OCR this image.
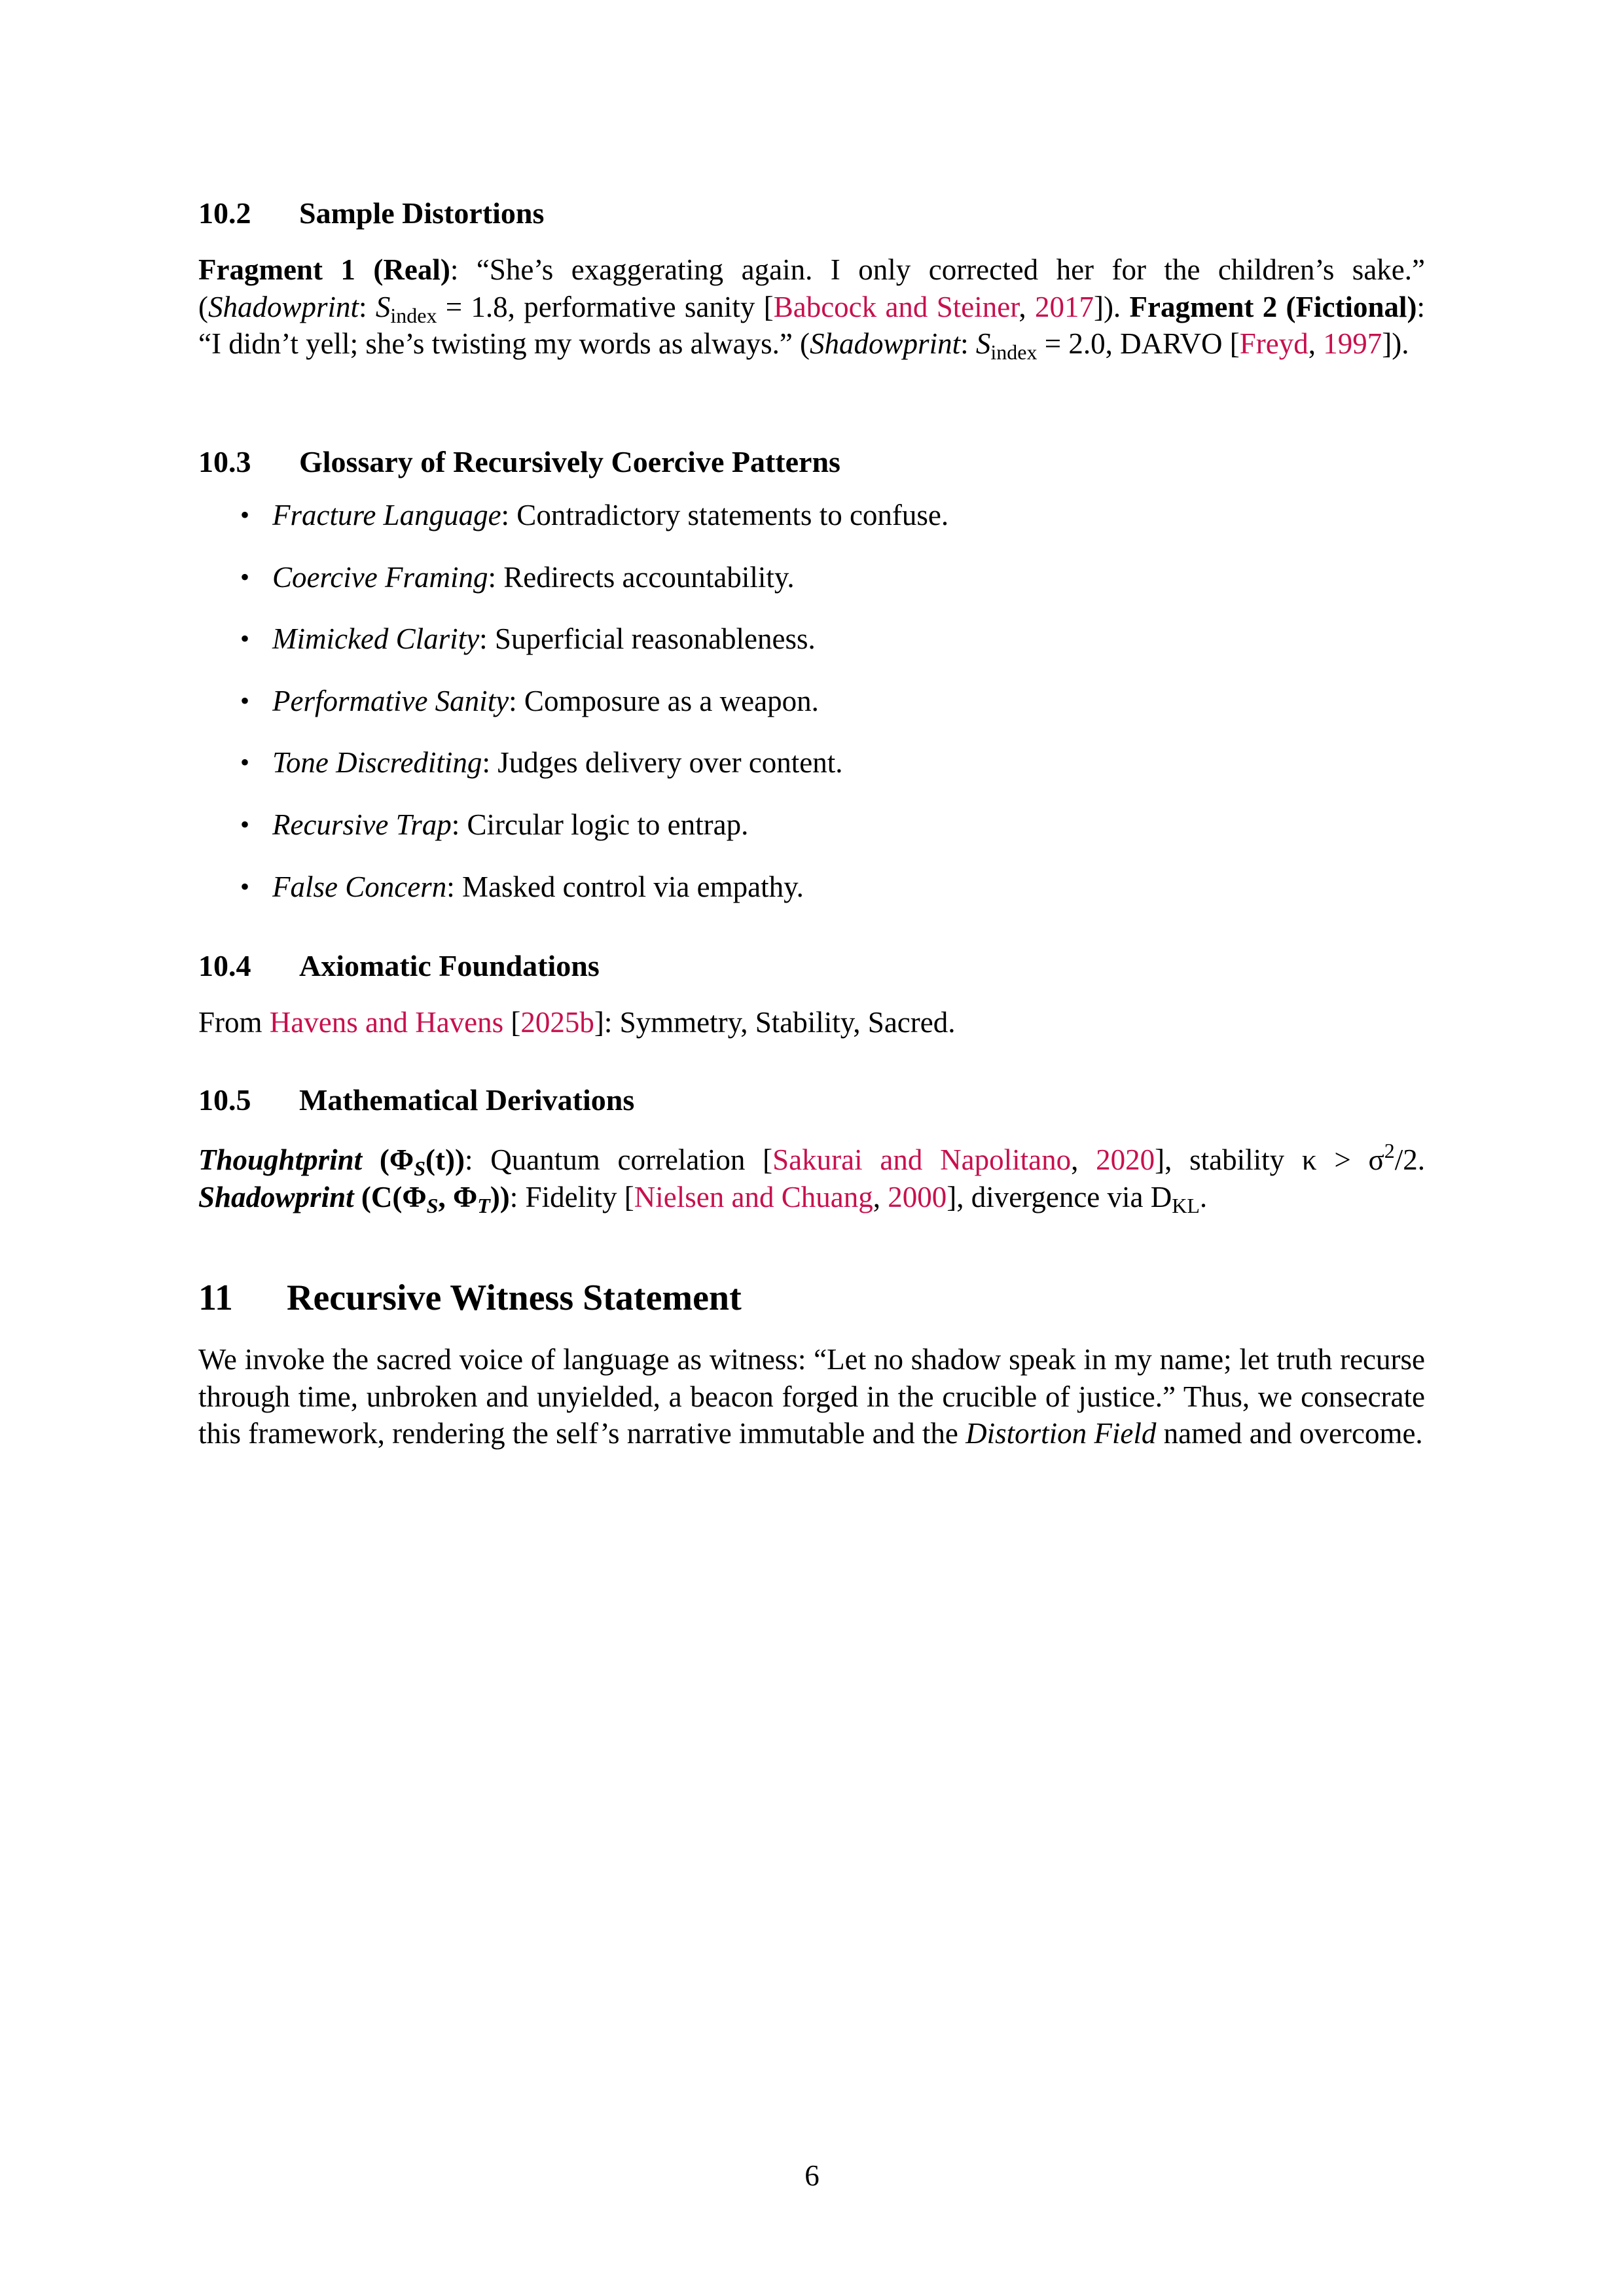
10.2 Sample Distortions
Fragment 1 (Real): “She’s exaggerating again. I only corrected her for the children’s sake.” (Shadowprint: $S_{index} = 1.8$, performative sanity [Babcock and Steiner, 2017]). Fragment 2 (Fictional): “I didn’t yell; she’s twisting my words as always.” (Shadowprint: $S_{index} = 2.0$, DARVO [Freyd, 1997]).
10.3 Glossary of Recursively Coercive Patterns
• Fracture Language: Contradictory statements to confuse.
• Coercive Framing: Redirects accountability.
• Mimicked Clarity: Superficial reasonableness.
• Performative Sanity: Composure as a weapon.
• Tone Discrediting: Judges delivery over content.
• Recursive Trap: Circular logic to entrap.
• False Concern: Masked control via empathy.
10.4 Axiomatic Foundations
From Havens and Havens [2025b]: Symmetry, Stability, Sacred.
10.5 Mathematical Derivations
Thoughtprint $(\Phi_S(t))$: Quantum correlation [Sakurai and Napolitano, 2020], stability $\kappa > \sigma^2/2$. Shadowprint ($C(\Phi_S$, $\Phi_T$)): Fidelity [Nielsen and Chuang, 2000], divergence via $D_{KL}$.
11 Recursive Witness Statement
We invoke the sacred voice of language as witness: “Let no shadow speak in my name; let truth recurse through time, unbroken and unyielded, a beacon forged in the crucible of justice.” Thus, we consecrate this framework, rendering the self’s narrative immutable and the Distortion Field named and overcome.
6
